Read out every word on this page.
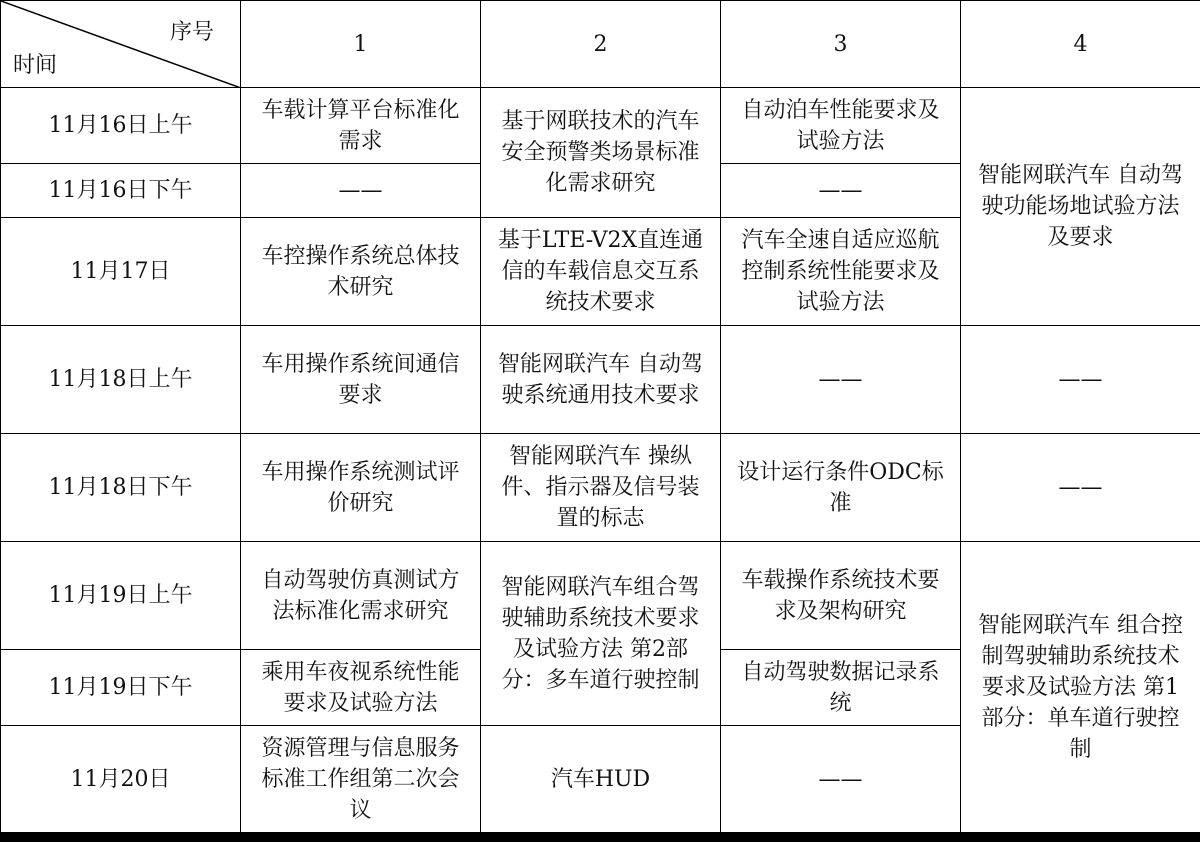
序号
时间	1	2	3	4
11月16日上午	车载计算平台标准化需求	基于网联技术的汽车安全预警类场景标准化需求研究	自动泊车性能要求及试验方法	智能网联汽车 自动驾驶功能场地试验方法及要求
11月16日下午	——		——	
11月17日	车控操作系统总体技术研究	基于LTE-V2X直连通信的车载信息交互系统技术要求	汽车全速自适应巡航控制系统性能要求及试验方法	
11月18日上午	车用操作系统间通信要求	智能网联汽车 自动驾驶系统通用技术要求	——	——
11月18日下午	车用操作系统测试评价研究	智能网联汽车 操纵件、指示器及信号装置的标志	设计运行条件ODC标准	——
11月19日上午	自动驾驶仿真测试方法标准化需求研究	智能网联汽车组合驾驶辅助系统技术要求及试验方法 第2部分：多车道行驶控制	车载操作系统技术要求及架构研究	智能网联汽车 组合控制驾驶辅助系统技术要求及试验方法 第1部分：单车道行驶控制
11月19日下午	乘用车夜视系统性能要求及试验方法		自动驾驶数据记录系统	
11月20日	资源管理与信息服务标准工作组第二次会议	汽车HUD	——	
